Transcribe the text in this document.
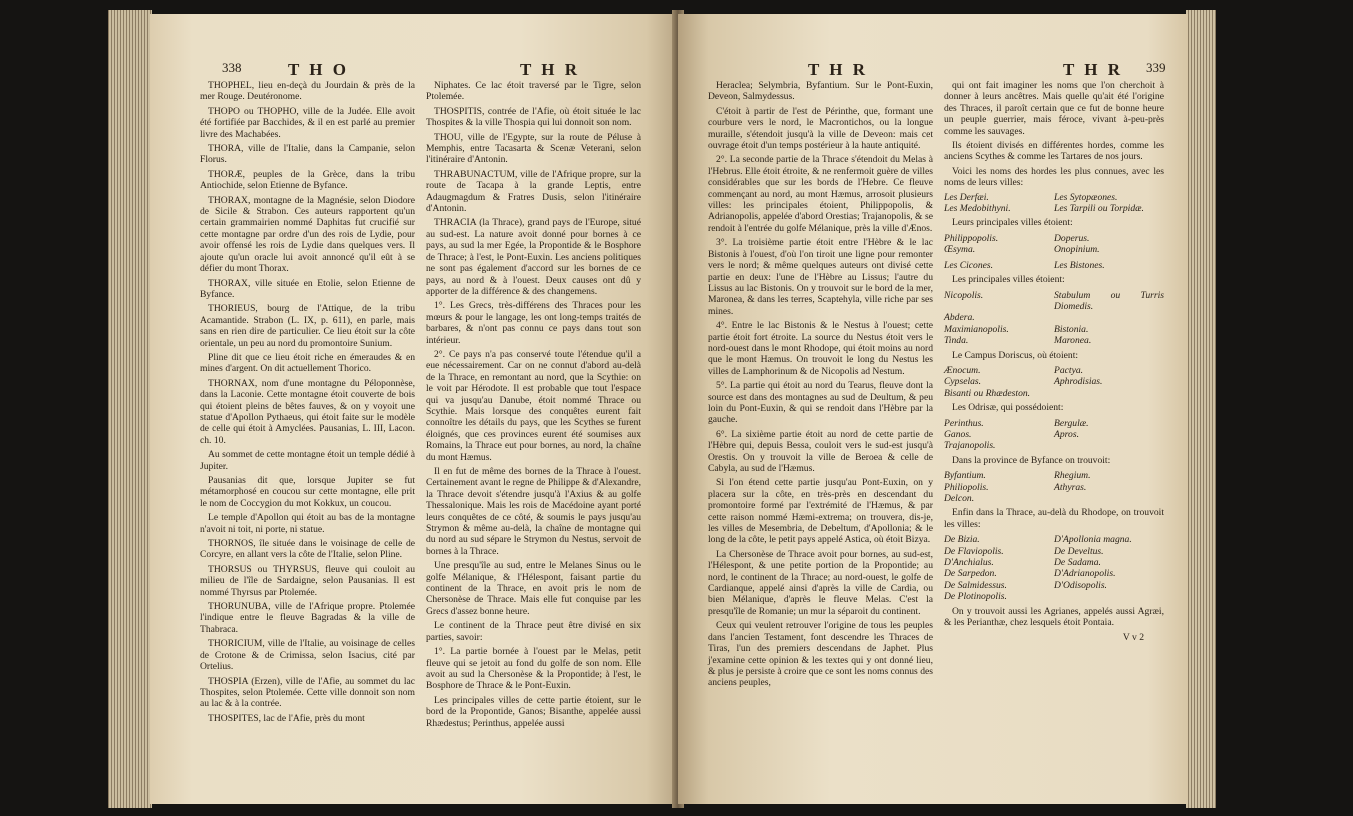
338	T H O	T H R

THOPHEL, lieu en-deçà du Jourdain & près de la mer Rouge. Deutéronome.

THOPO ou THOPHO, ville de la Judée. Elle avoit été fortifiée par Bacchides, & il en est parlé au premier livre des Machabées.

THORA, ville de l'Italie, dans la Campanie, selon Florus.

THORÆ, peuples de la Grèce, dans la tribu Antiochide, selon Etienne de Byfance.

THORAX, montagne de la Magnésie, selon Diodore de Sicile & Strabon. Ces auteurs rapportent qu'un certain grammairien nommé Daphitas fut crucifié sur cette montagne par ordre d'un des rois de Lydie, pour avoir offensé les rois de Lydie dans quelques vers. Il ajoute qu'un oracle lui avoit annoncé qu'il eût à se défier du mont Thorax.

THORAX, ville située en Etolie, selon Etienne de Byfance.

THORIEUS, bourg de l'Attique, de la tribu Acamantide. Strabon (L. IX, p. 611), en parle, mais sans en rien dire de particulier. Ce lieu étoit sur la côte orientale, un peu au nord du promontoire Sunium.

Pline dit que ce lieu étoit riche en émeraudes & en mines d'argent. On dit actuellement Thorico.

THORNAX, nom d'une montagne du Péloponnèse, dans la Laconie. Cette montagne étoit couverte de bois qui étoient pleins de bêtes fauves, & on y voyoit une statue d'Apollon Pythaeus, qui étoit faite sur le modèle de celle qui étoit à Amyclées. Pausanias, L. III, Lacon. ch. 10.

Au sommet de cette montagne étoit un temple dédié à Jupiter.

Pausanias dit que, lorsque Jupiter se fut métamorphosé en coucou sur cette montagne, elle prit le nom de Coccygion du mot Kokkux, un coucou.

Le temple d'Apollon qui étoit au bas de la montagne n'avoit ni toit, ni porte, ni statue.

THORNOS, île située dans le voisinage de celle de Corcyre, en allant vers la côte de l'Italie, selon Pline.

THORSUS ou THYRSUS, fleuve qui couloit au milieu de l'île de Sardaigne, selon Pausanias. Il est nommé Thyrsus par Ptolemée.

THORUNUBA, ville de l'Afrique propre. Ptolemée l'indique entre le fleuve Bagradas & la ville de Thabraca.

THORICIUM, ville de l'Italie, au voisinage de celles de Crotone & de Crimissa, selon Isacius, cité par Ortelius.

THOSPIA (Erzen), ville de l'Afie, au sommet du lac Thospites, selon Ptolemée. Cette ville donnoit son nom au lac & à la contrée.

THOSPITES, lac de l'Afie, près du mont

Niphates. Ce lac étoit traversé par le Tigre, selon Ptolemée.

THOSPITIS, contrée de l'Afie, où étoit située le lac Thospites & la ville Thospia qui lui donnoit son nom.

THOU, ville de l'Egypte, sur la route de Péluse à Memphis, entre Tacasarta & Scenæ Veterani, selon l'itinéraire d'Antonin.

THRABUNACTUM, ville de l'Afrique propre, sur la route de Tacapa à la grande Leptis, entre Adaugmagdum & Fratres Dusis, selon l'itinéraire d'Antonin.

THRACIA (la Thrace), grand pays de l'Europe, situé au sud-est. La nature avoit donné pour bornes à ce pays, au sud la mer Egée, la Propontide & le Bosphore de Thrace; à l'est, le Pont-Euxin. Les anciens politiques ne sont pas également d'accord sur les bornes de ce pays, au nord & à l'ouest. Deux causes ont dû y apporter de la différence & des changemens.

1°. Les Grecs, très-différens des Thraces pour les mœurs & pour le langage, les ont long-temps traités de barbares, & n'ont pas connu ce pays dans tout son intérieur.

2°. Ce pays n'a pas conservé toute l'étendue qu'il a eue nécessairement. Car on ne connut d'abord au-delà de la Thrace, en remontant au nord, que la Scythie: on le voit par Hérodote. Il est probable que tout l'espace qui va jusqu'au Danube, étoit nommé Thrace ou Scythie. Mais lorsque des conquêtes eurent fait connoître les détails du pays, que les Scythes se furent éloignés, que ces provinces eurent été soumises aux Romains, la Thrace eut pour bornes, au nord, la chaîne du mont Hæmus.

Il en fut de même des bornes de la Thrace à l'ouest. Certainement avant le regne de Philippe & d'Alexandre, la Thrace devoit s'étendre jusqu'à l'Axius & au golfe Thessalonique. Mais les rois de Macédoine ayant porté leurs conquêtes de ce côté, & soumis le pays jusqu'au Strymon & même au-delà, la chaîne de montagne qui du nord au sud sépare le Strymon du Nestus, servoit de bornes à la Thrace.

Une presqu'île au sud, entre le Melanes Sinus ou le golfe Mélanique, & l'Hélespont, faisant partie du continent de la Thrace, en avoit pris le nom de Chersonèse de Thrace. Mais elle fut conquise par les Grecs d'assez bonne heure.

Le continent de la Thrace peut être divisé en six parties, savoir:

1°. La partie bornée à l'ouest par le Melas, petit fleuve qui se jetoit au fond du golfe de son nom. Elle avoit au sud la Chersonèse & la Propontide; à l'est, le Bosphore de Thrace & le Pont-Euxin.

Les principales villes de cette partie étoient, sur le bord de la Propontide, Ganos; Bisanthe, appelée aussi Rhædestus; Perinthus, appelée aussi

T H R	T H R 339

Heraclea; Selymbria, Byfantium. Sur le Pont-Euxin, Deveon, Salmydessus.

C'étoit à partir de l'est de Périnthe, que, formant une courbure vers le nord, le Macrontichos, ou la longue muraille, s'étendoit jusqu'à la ville de Deveon: mais cet ouvrage étoit d'un temps postérieur à la haute antiquité.

2°. La seconde partie de la Thrace s'étendoit du Melas à l'Hebrus. Elle étoit étroite, & ne renfermoit guère de villes considérables que sur les bords de l'Hebre. Ce fleuve commençant au nord, au mont Hæmus, arrosoit plusieurs villes: les principales étoient, Philippopolis, & Adrianopolis, appelée d'abord Orestias; Trajanopolis, & se rendoit à l'entrée du golfe Mélanique, près la ville d'Ænos.

3°. La troisième partie étoit entre l'Hèbre & le lac Bistonis à l'ouest, d'où l'on tiroit une ligne pour remonter vers le nord; & même quelques auteurs ont divisé cette partie en deux: l'une de l'Hèbre au Lissus; l'autre du Lissus au lac Bistonis. On y trouvoit sur le bord de la mer, Maronea, & dans les terres, Scaptehyla, ville riche par ses mines.

4°. Entre le lac Bistonis & le Nestus à l'ouest; cette partie étoit fort étroite. La source du Nestus étoit vers le nord-ouest dans le mont Rhodope, qui étoit moins au nord que le mont Hæmus. On trouvoit le long du Nestus les villes de Lamphorinum & de Nicopolis ad Nestum.

5°. La partie qui étoit au nord du Tearus, fleuve dont la source est dans des montagnes au sud de Deultum, & peu loin du Pont-Euxin, & qui se rendoit dans l'Hèbre par la gauche.

6°. La sixième partie étoit au nord de cette partie de l'Hèbre qui, depuis Bessa, couloit vers le sud-est jusqu'à Orestis. On y trouvoit la ville de Beroea & celle de Cabyla, au sud de l'Hæmus.

Si l'on étend cette partie jusqu'au Pont-Euxin, on y placera sur la côte, en très-près en descendant du promontoire formé par l'extrémité de l'Hæmus, & par cette raison nommé Hæmi-extrema; on trouvera, dis-je, les villes de Mesembria, de Debeltum, d'Apollonia; & le long de la côte, le petit pays appelé Astica, où étoit Bizya.

La Chersonèse de Thrace avoit pour bornes, au sud-est, l'Hélespont, & une petite portion de la Propontide; au nord, le continent de la Thrace; au nord-ouest, le golfe de Cardianque, appelé ainsi d'après la ville de Cardia, ou bien Mélanique, d'après le fleuve Melas. C'est la presqu'île de Romanie; un mur la séparoit du continent.

Ceux qui veulent retrouver l'origine de tous les peuples dans l'ancien Testament, font descendre les Thraces de Tiras, l'un des premiers descendans de Japhet. Plus j'examine cette opinion & les textes qui y ont donné lieu, & plus je persiste à croire que ce sont les noms connus des anciens peuples,

qui ont fait imaginer les noms que l'on cherchoit à donner à leurs ancêtres. Mais quelle qu'ait été l'origine des Thraces, il paroît certain que ce fut de bonne heure un peuple guerrier, mais féroce, vivant à-peu-près comme les sauvages.

Ils étoient divisés en différentes hordes, comme les anciens Scythes & comme les Tartares de nos jours.

Voici les noms des hordes les plus connues, avec les noms de leurs villes:

Les Derfæi.	Les Sytopæones.
Les Medobithyni.	Les Tarpili ou Torpidæ.
Leurs principales villes étoient:
Philippopolis.	Doperus.
Œsyma.	Onopinium.
Les Cicones.	Les Bistones.
Les principales villes étoient:
Nicopolis.	Stabulum ou Turris Diomedis.
Abdera.
Maximianopolis.	Bistonia.
Tinda.	Maronea.
Le Campus Doriscus, où étoient:
Ænocum.	Pactya.
Cypselas.	Aphrodisias.
Bisanti ou Rhædeston.
Les Odrisæ, qui possédoient:
Perinthus.	Bergulæ.
Ganos.	Apros.
Trajanopolis.
Dans la province de Byfance on trouvoit:
Byfantium.	Rhegium.
Philiopolis.	Athyras.
Delcon.
Enfin dans la Thrace, au-delà du Rhodope, on trouvoit les villes:
De Bizia.	D'Apollonia magna.
De Flaviopolis.	De Develtus.
D'Anchialus.	De Sadama.
De Sarpedon.	D'Adrianopolis.
De Salmidessus.	D'Odisopolis.
De Plotinopolis.
On y trouvoit aussi les Agrianes, appelés aussi Agræi, & les Perianthæ, chez lesquels étoit Pontaia.
V v 2
